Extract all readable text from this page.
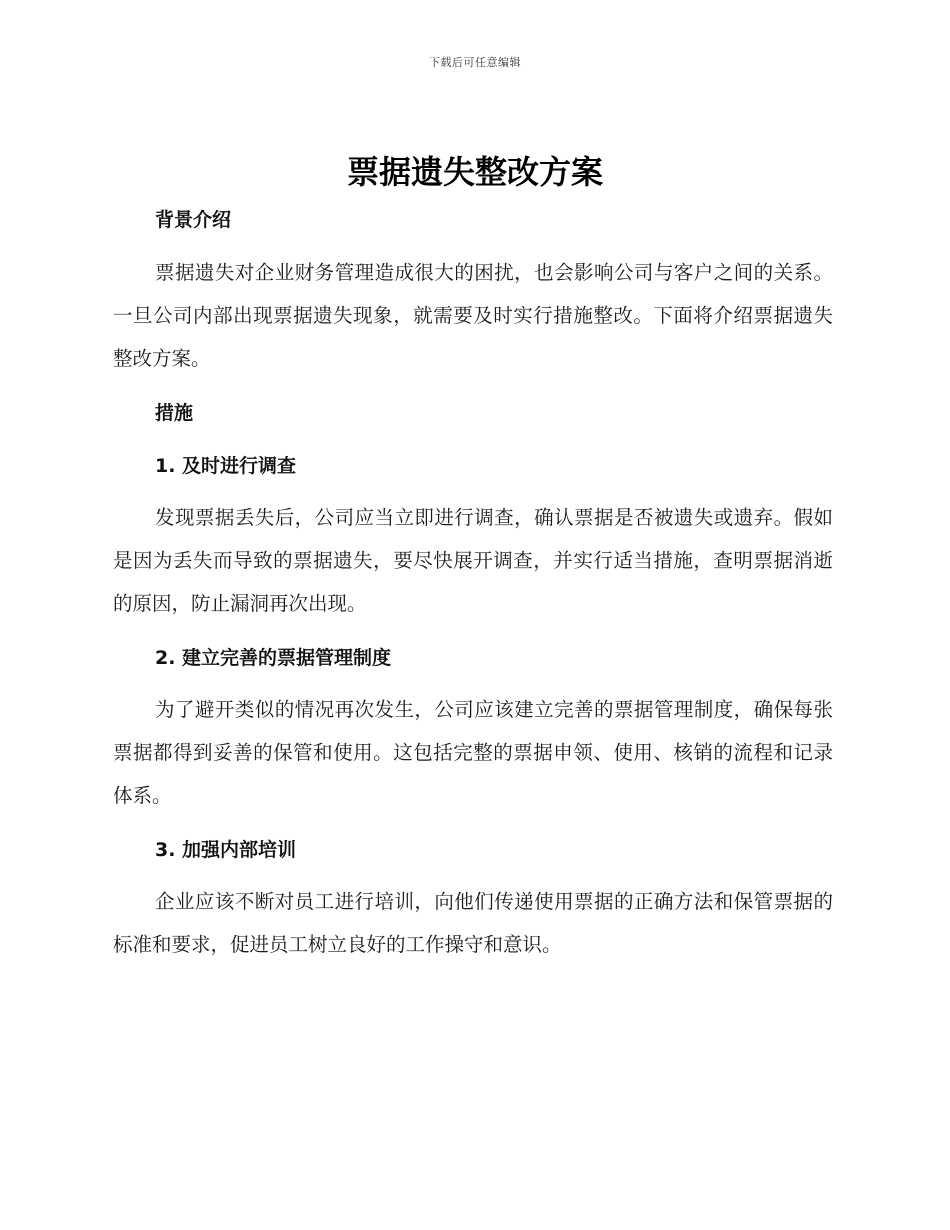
下载后可任意编辑
票据遗失整改方案
背景介绍

票据遗失对企业财务管理造成很大的困扰，也会影响公司与客户之间的关系。一旦公司内部出现票据遗失现象，就需要及时实行措施整改。下面将介绍票据遗失整改方案。

措施
1. 及时进行调查

发现票据丢失后，公司应当立即进行调查，确认票据是否被遗失或遗弃。假如是因为丢失而导致的票据遗失，要尽快展开调查，并实行适当措施，查明票据消逝的原因，防止漏洞再次出现。

2. 建立完善的票据管理制度

为了避开类似的情况再次发生，公司应该建立完善的票据管理制度，确保每张票据都得到妥善的保管和使用。这包括完整的票据申领、使用、核销的流程和记录体系。

3. 加强内部培训

企业应该不断对员工进行培训，向他们传递使用票据的正确方法和保管票据的标准和要求，促进员工树立良好的工作操守和意识。
